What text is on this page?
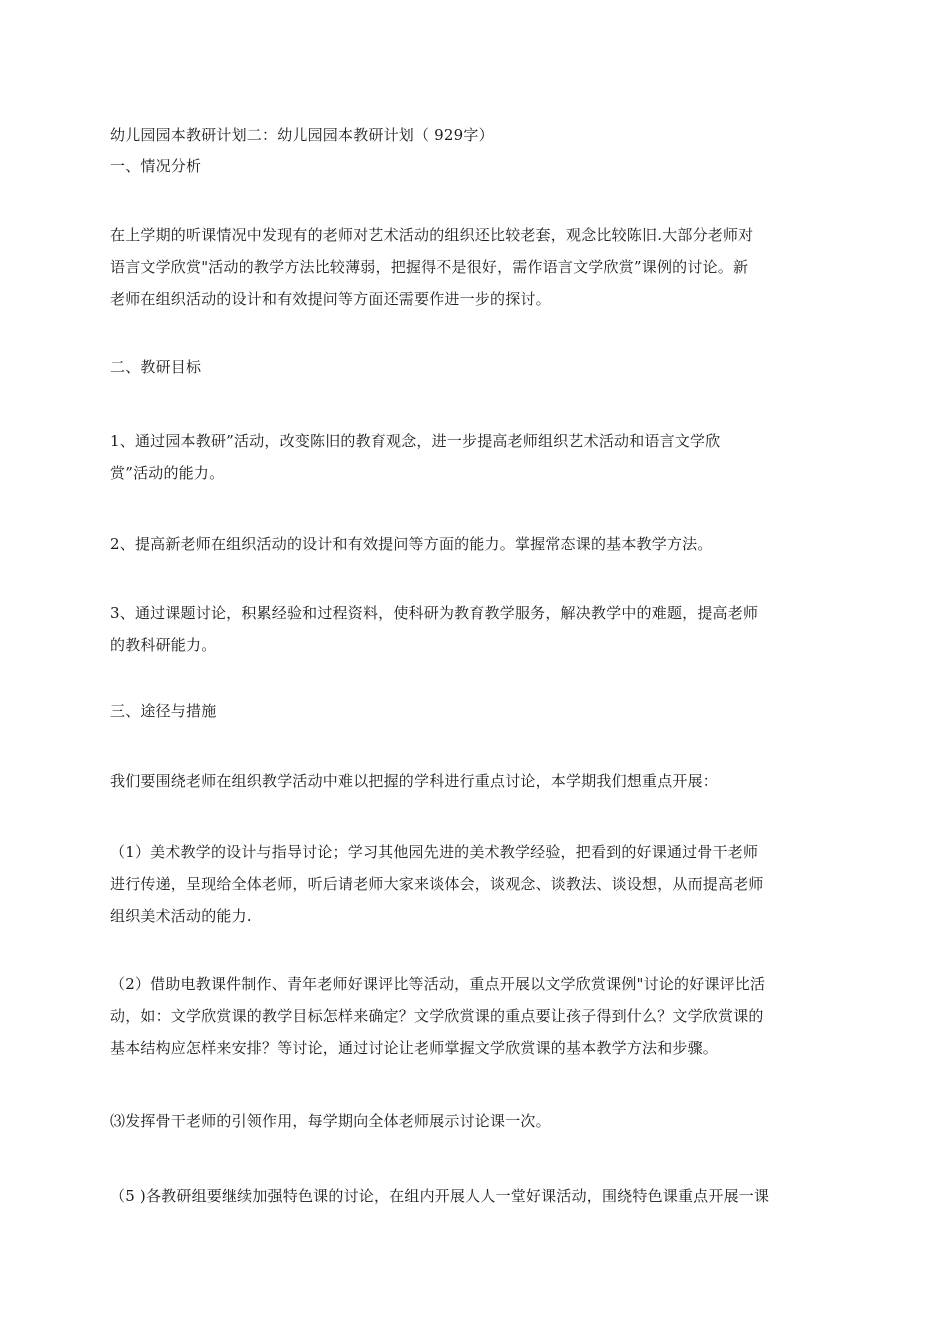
幼儿园园本教研计划二：幼儿园园本教研计划（ 929字）
一、情况分析
在上学期的听课情况中发现有的老师对艺术活动的组织还比较老套，观念比较陈旧.大部分老师对
语言文学欣赏"活动的教学方法比较薄弱，把握得不是很好，需作语言文学欣赏”课例的讨论。新
老师在组织活动的设计和有效提问等方面还需要作进一步的探讨。
二、教研目标
1、通过园本教研”活动，改变陈旧的教育观念，进一步提高老师组织艺术活动和语言文学欣
赏”活动的能力。
2、提高新老师在组织活动的设计和有效提问等方面的能力。掌握常态课的基本教学方法。
3、通过课题讨论，积累经验和过程资料，使科研为教育教学服务，解决教学中的难题，提高老师
的教科研能力。
三、途径与措施
我们要围绕老师在组织教学活动中难以把握的学科进行重点讨论，本学期我们想重点开展：
（1）美术教学的设计与指导讨论；学习其他园先进的美术教学经验，把看到的好课通过骨干老师
进行传递，呈现给全体老师，听后请老师大家来谈体会，谈观念、谈教法、谈设想，从而提高老师
组织美术活动的能力.
（2）借助电教课件制作、青年老师好课评比等活动，重点开展以文学欣赏课例"讨论的好课评比活
动，如：文学欣赏课的教学目标怎样来确定？文学欣赏课的重点要让孩子得到什么？文学欣赏课的
基本结构应怎样来安排？等讨论，通过讨论让老师掌握文学欣赏课的基本教学方法和步骤。
⑶发挥骨干老师的引领作用，每学期向全体老师展示讨论课一次。
（5 )各教研组要继续加强特色课的讨论，在组内开展人人一堂好课活动，围绕特色课重点开展一课
